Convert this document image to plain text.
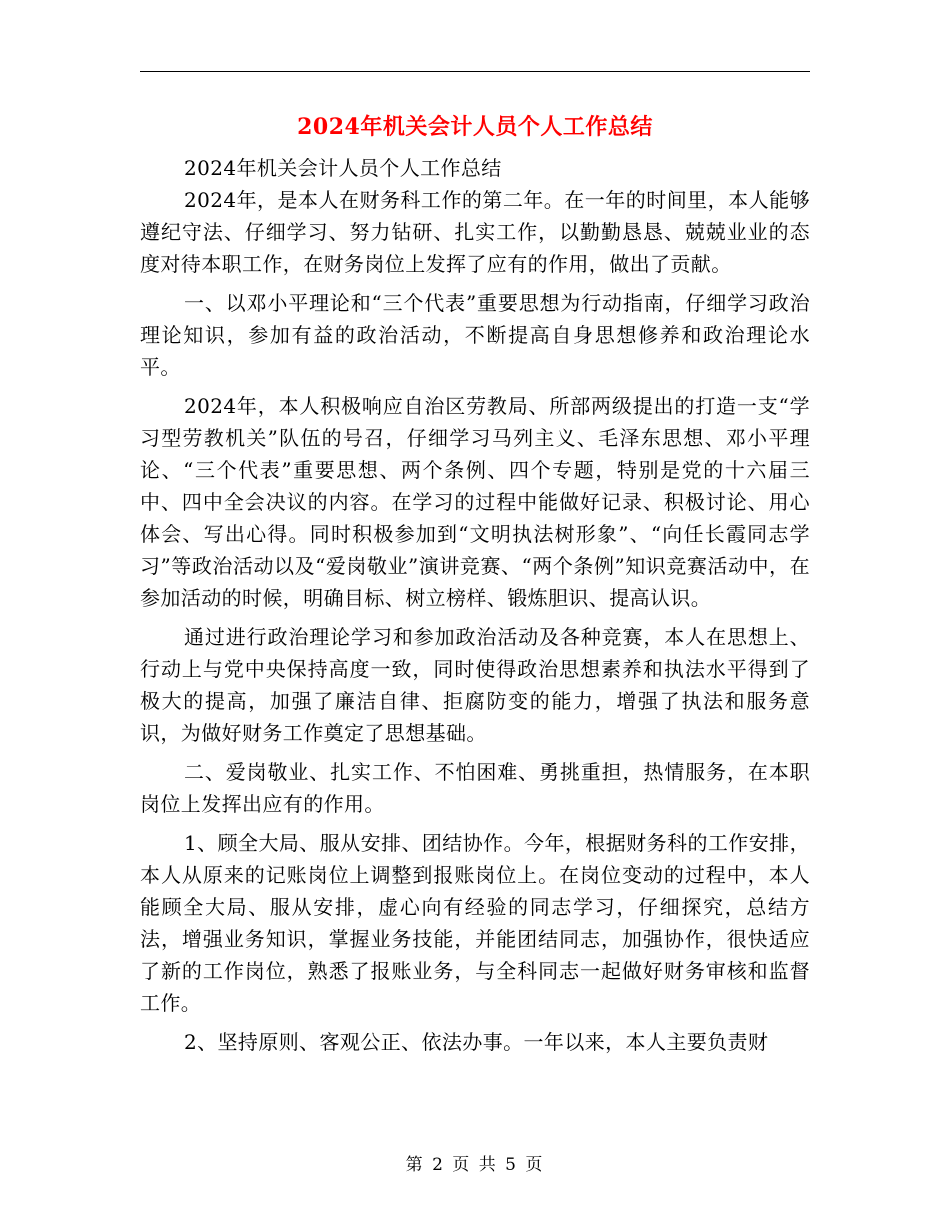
2024年机关会计人员个人工作总结

2024年机关会计人员个人工作总结

2024年，是本人在财务科工作的第二年。在一年的时间里，本人能够遵纪守法、仔细学习、努力钻研、扎实工作，以勤勤恳恳、兢兢业业的态度对待本职工作，在财务岗位上发挥了应有的作用，做出了贡献。

一、以邓小平理论和“三个代表”重要思想为行动指南，仔细学习政治理论知识，参加有益的政治活动，不断提高自身思想修养和政治理论水平。

2024年，本人积极响应自治区劳教局、所部两级提出的打造一支“学习型劳教机关”队伍的号召，仔细学习马列主义、毛泽东思想、邓小平理论、“三个代表”重要思想、两个条例、四个专题，特别是党的十六届三中、四中全会决议的内容。在学习的过程中能做好记录、积极讨论、用心体会、写出心得。同时积极参加到“文明执法树形象”、“向任长霞同志学习”等政治活动以及“爱岗敬业”演讲竞赛、“两个条例”知识竞赛活动中，在参加活动的时候，明确目标、树立榜样、锻炼胆识、提高认识。

通过进行政治理论学习和参加政治活动及各种竞赛，本人在思想上、行动上与党中央保持高度一致，同时使得政治思想素养和执法水平得到了极大的提高，加强了廉洁自律、拒腐防变的能力，增强了执法和服务意识，为做好财务工作奠定了思想基础。

二、爱岗敬业、扎实工作、不怕困难、勇挑重担，热情服务，在本职岗位上发挥出应有的作用。

1、顾全大局、服从安排、团结协作。今年，根据财务科的工作安排，本人从原来的记账岗位上调整到报账岗位上。在岗位变动的过程中，本人能顾全大局、服从安排，虚心向有经验的同志学习，仔细探究，总结方法，增强业务知识，掌握业务技能，并能团结同志，加强协作，很快适应了新的工作岗位，熟悉了报账业务，与全科同志一起做好财务审核和监督工作。

2、坚持原则、客观公正、依法办事。一年以来，本人主要负责财

第 2 页 共 5 页
